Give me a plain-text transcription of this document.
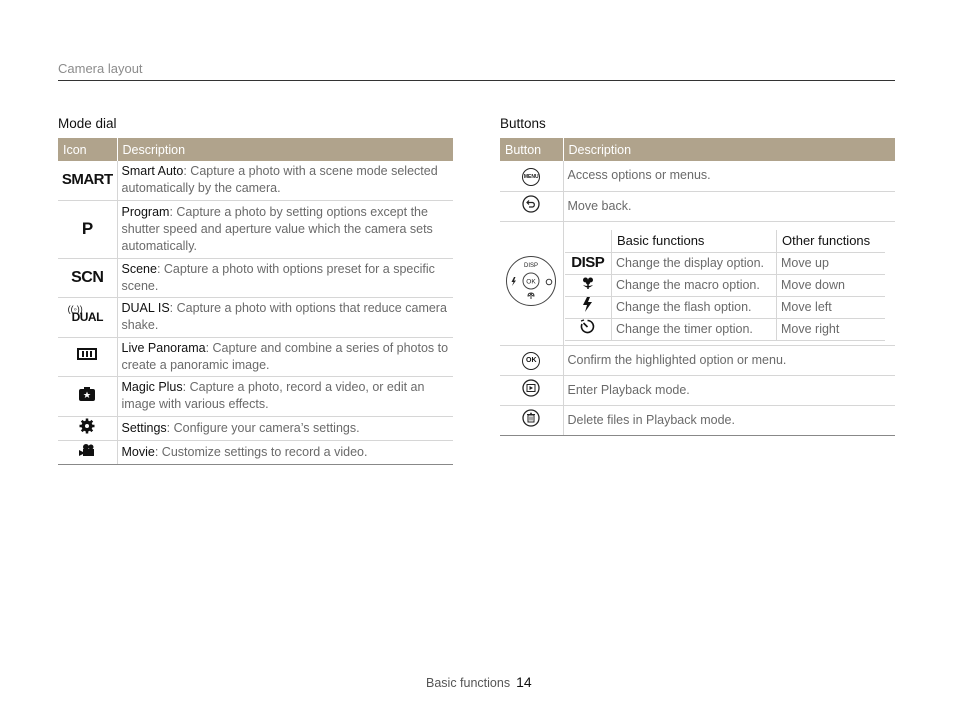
Camera layout
Mode dial
Icon	Description
SMART	Smart Auto: Capture a photo with a scene mode selected automatically by the camera.
P	Program: Capture a photo by setting options except the shutter speed and aperture value which the camera sets automatically.
SCN	Scene: Capture a photo with options preset for a specific scene.

((◦))
DUAL	DUAL IS: Capture a photo with options that reduce camera shake.
	Live Panorama: Capture and combine a series of photos to create a panoramic image.
	Magic Plus: Capture a photo, record a video, or edit an image with various effects.
	Settings: Configure your camera’s settings.
	Movie: Customize settings to record a video.
Buttons
Button	Description
MENU	Access options or menus.
	Move back.

OK
DISP

	Basic functions	Other functions
DISP	Change the display option.	Move up
	Change the macro option.	Move down
	Change the flash option.	Move left
	Change the timer option.	Move right

OK	Confirm the highlighted option or menu.
	Enter Playback mode.
	Delete files in Playback mode.
Basic functions 14
